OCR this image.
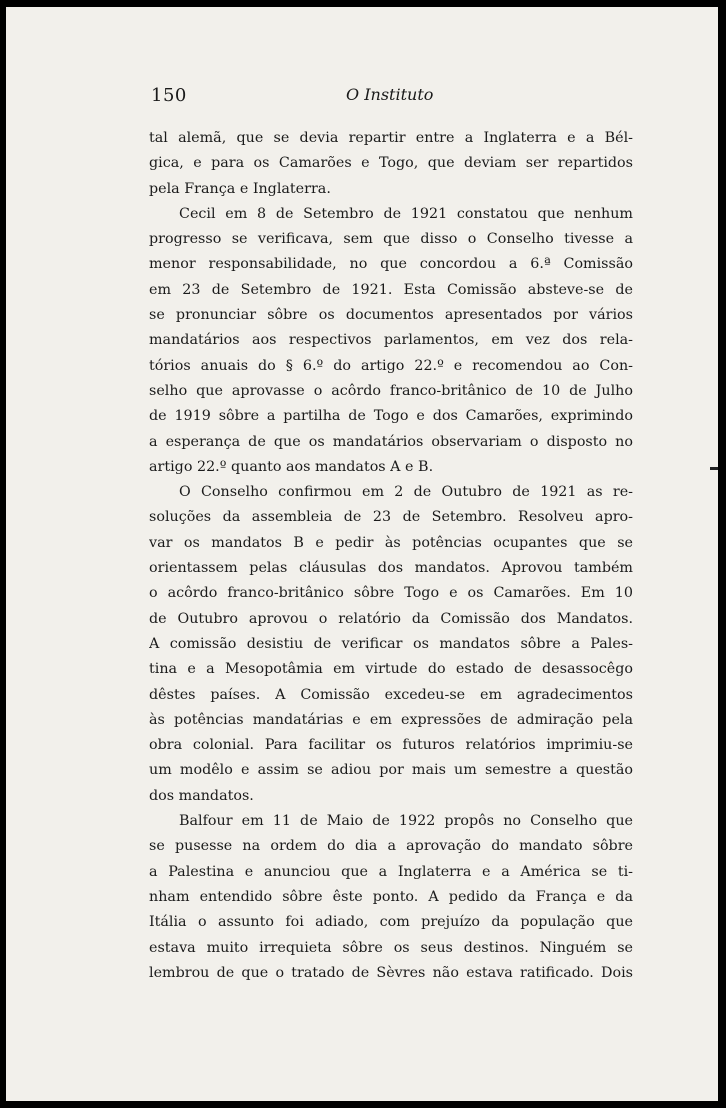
150	O Instituto

tal alemã, que se devia repartir entre a Inglaterra e a Bél-
gica, e para os Camarões e Togo, que deviam ser repartidos
pela França e Inglaterra.

Cecil em 8 de Setembro de 1921 constatou que nenhum
progresso se verificava, sem que disso o Conselho tivesse a
menor responsabilidade, no que concordou a 6.ª Comissão
em 23 de Setembro de 1921. Esta Comissão absteve-se de
se pronunciar sôbre os documentos apresentados por vários
mandatários aos respectivos parlamentos, em vez dos rela-
tórios anuais do § 6.º do artigo 22.º e recomendou ao Con-
selho que aprovasse o acôrdo franco-britânico de 10 de Julho
de 1919 sôbre a partilha de Togo e dos Camarões, exprimindo
a esperança de que os mandatários observariam o disposto no
artigo 22.º quanto aos mandatos A e B.

O Conselho confirmou em 2 de Outubro de 1921 as re-
soluções da assembleia de 23 de Setembro. Resolveu apro-
var os mandatos B e pedir às potências ocupantes que se
orientassem pelas cláusulas dos mandatos. Aprovou também
o acôrdo franco-britânico sôbre Togo e os Camarões. Em 10
de Outubro aprovou o relatório da Comissão dos Mandatos.
A comissão desistiu de verificar os mandatos sôbre a Pales-
tina e a Mesopotâmia em virtude do estado de desassocêgo
dêstes países. A Comissão excedeu-se em agradecimentos
às potências mandatárias e em expressões de admiração pela
obra colonial. Para facilitar os futuros relatórios imprimiu-se
um modêlo e assim se adiou por mais um semestre a questão
dos mandatos.

Balfour em 11 de Maio de 1922 propôs no Conselho que
se pusesse na ordem do dia a aprovação do mandato sôbre
a Palestina e anunciou que a Inglaterra e a América se ti-
nham entendido sôbre êste ponto. A pedido da França e da
Itália o assunto foi adiado, com prejuízo da população que
estava muito irrequieta sôbre os seus destinos. Ninguém se
lembrou de que o tratado de Sèvres não estava ratificado. Dois
